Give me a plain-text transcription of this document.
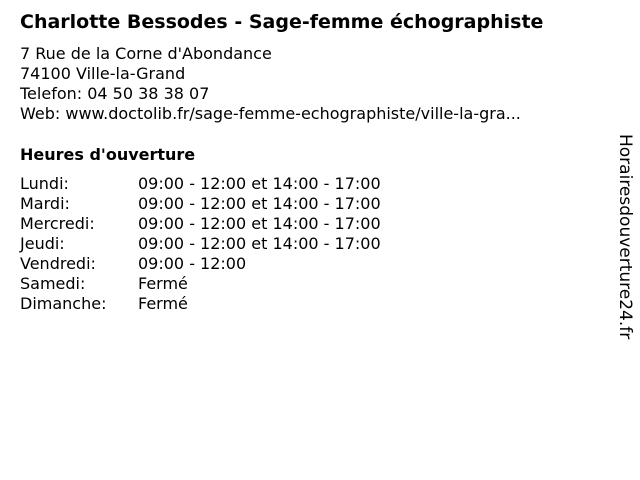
Charlotte Bessodes - Sage-femme échographiste
7 Rue de la Corne d'Abondance
74100 Ville-la-Grand
Telefon: 04 50 38 38 07
Web: www.doctolib.fr/sage-femme-echographiste/ville-la-gra...
Heures d'ouverture
Lundi:	09:00 - 12:00 et 14:00 - 17:00
Mardi:	09:00 - 12:00 et 14:00 - 17:00
Mercredi:	09:00 - 12:00 et 14:00 - 17:00
Jeudi:	09:00 - 12:00 et 14:00 - 17:00
Vendredi:	09:00 - 12:00
Samedi:	Fermé
Dimanche:	Fermé	Horairesdouverture24.fr
